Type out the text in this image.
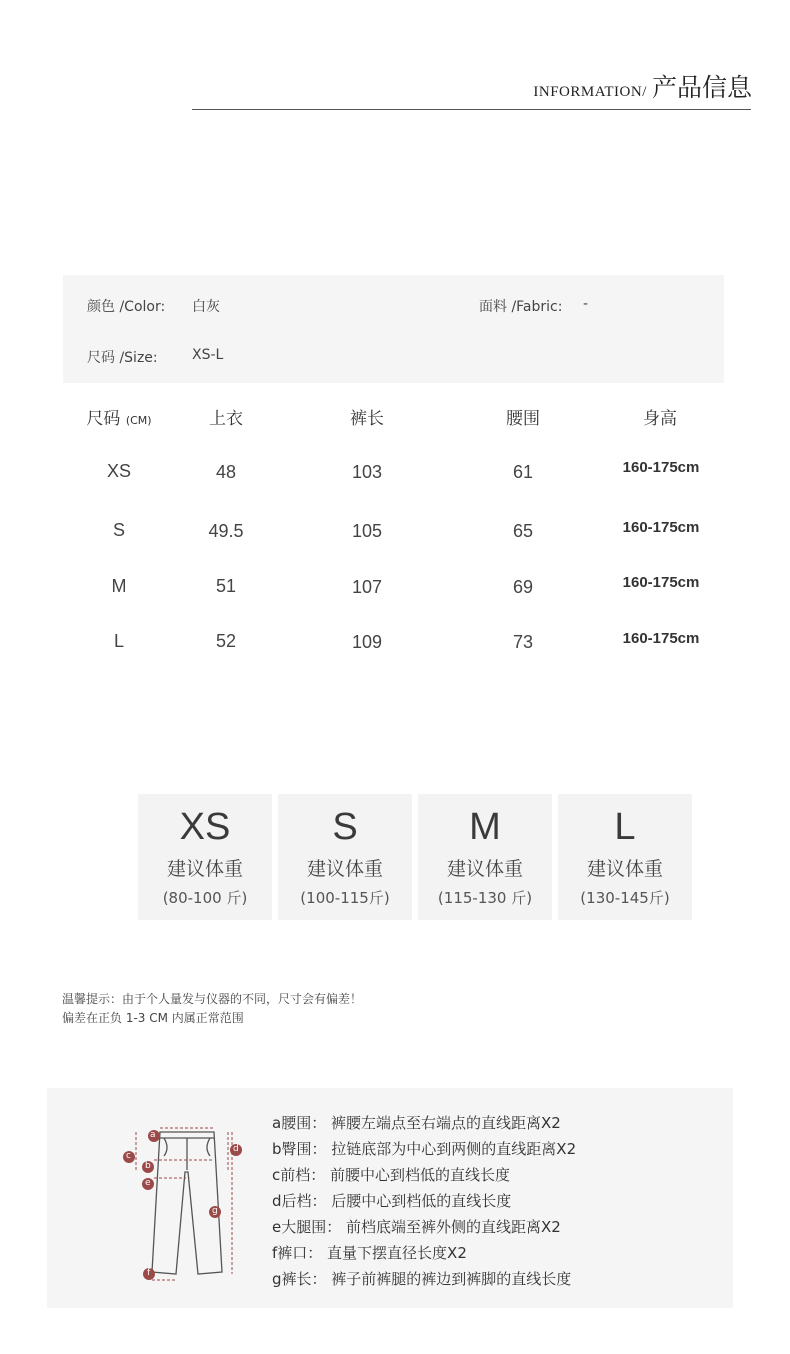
INFORMATION/ 产品信息
颜色 /Color: 白灰	面料 /Fabric: -
尺码 /Size: XS-L
尺码 (CM)	上衣	裤长	腰围	身高
XS	48	103	61	160-175cm
S	49.5	105	65	160-175cm
M	51	107	69	160-175cm
L	52	109	73	160-175cm
XS
建议体重
(80-100 斤)
S
建议体重
(100-115斤)
M
建议体重
(115-130 斤)
L
建议体重
(130-145斤)
温馨提示：由于个人量发与仪器的不同，尺寸会有偏差！
偏差在正负 1-3 CM 内属正常范围
a
b
c
d
e
f
g
a腰围： 裤腰左端点至右端点的直线距离X2
b臀围： 拉链底部为中心到两侧的直线距离X2
c前档： 前腰中心到档低的直线长度
d后档： 后腰中心到档低的直线长度
e大腿围： 前档底端至裤外侧的直线距离X2
f裤口： 直量下摆直径长度X2
g裤长： 裤子前裤腿的裤边到裤脚的直线长度
